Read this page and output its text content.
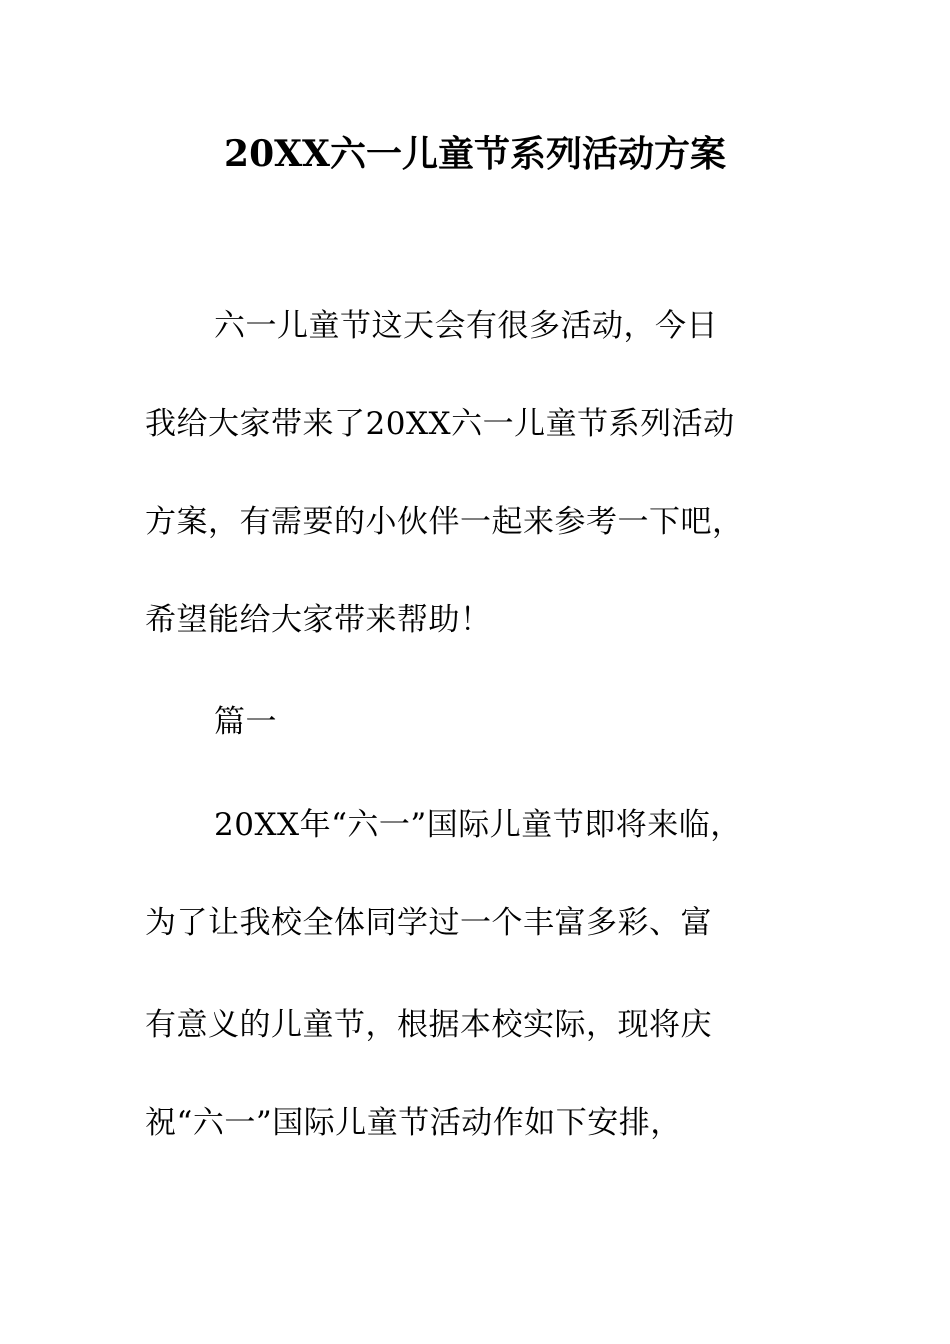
20XX六一儿童节系列活动方案
六一儿童节这天会有很多活动，今日
我给大家带来了20XX六一儿童节系列活动
方案，有需要的小伙伴一起来参考一下吧，
希望能给大家带来帮助！
篇一
20XX年“六一”国际儿童节即将来临，
为了让我校全体同学过一个丰富多彩、富
有意义的儿童节，根据本校实际，现将庆
祝“六一”国际儿童节活动作如下安排，
